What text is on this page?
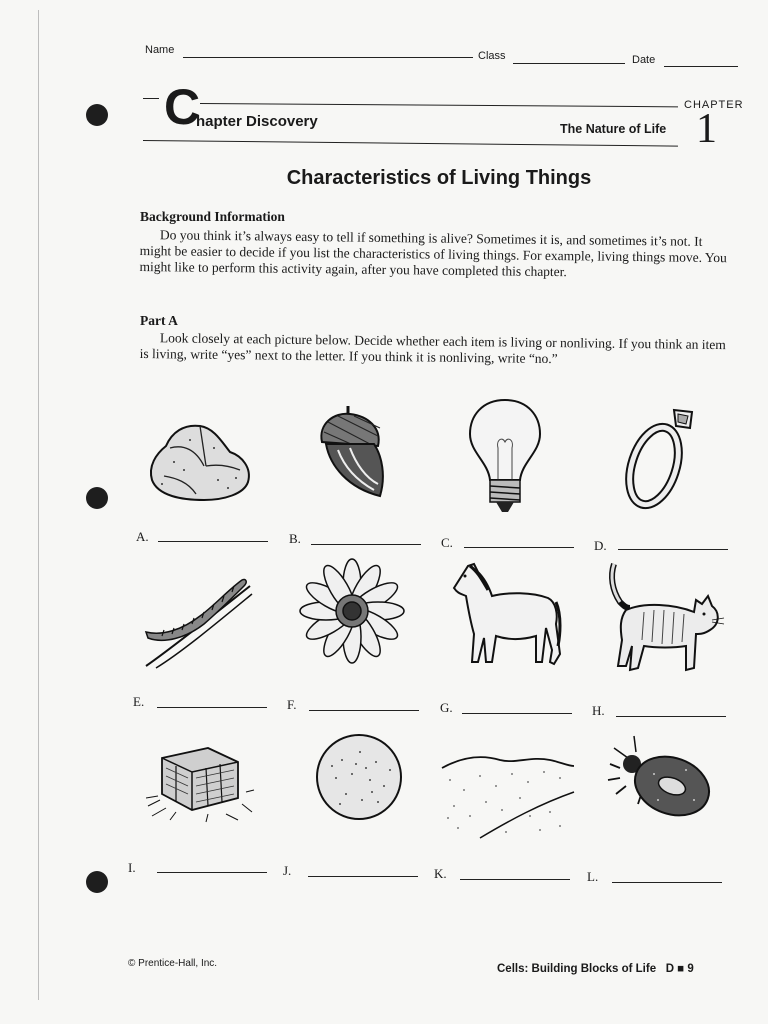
Name	Class	Date
C
hapter Discovery	The Nature of Life
CHAPTER
1
Characteristics of Living Things
Background Information
Do you think it’s always easy to tell if something is alive? Sometimes it is, and sometimes it’s not. It might be easier to decide if you list the characteristics of living things. For example, living things move. You might like to perform this activity again, after you have completed this chapter.
Part A
Look closely at each picture below. Decide whether each item is living or nonliving. If you think an item is living, write “yes” next to the letter. If you think it is nonliving, write “no.”
A.	B.	C.	D.
E.	F.	G.	H.
I.	J.	K.	L.
© Prentice-Hall, Inc.	Cells: Building Blocks of Life D ■ 9
